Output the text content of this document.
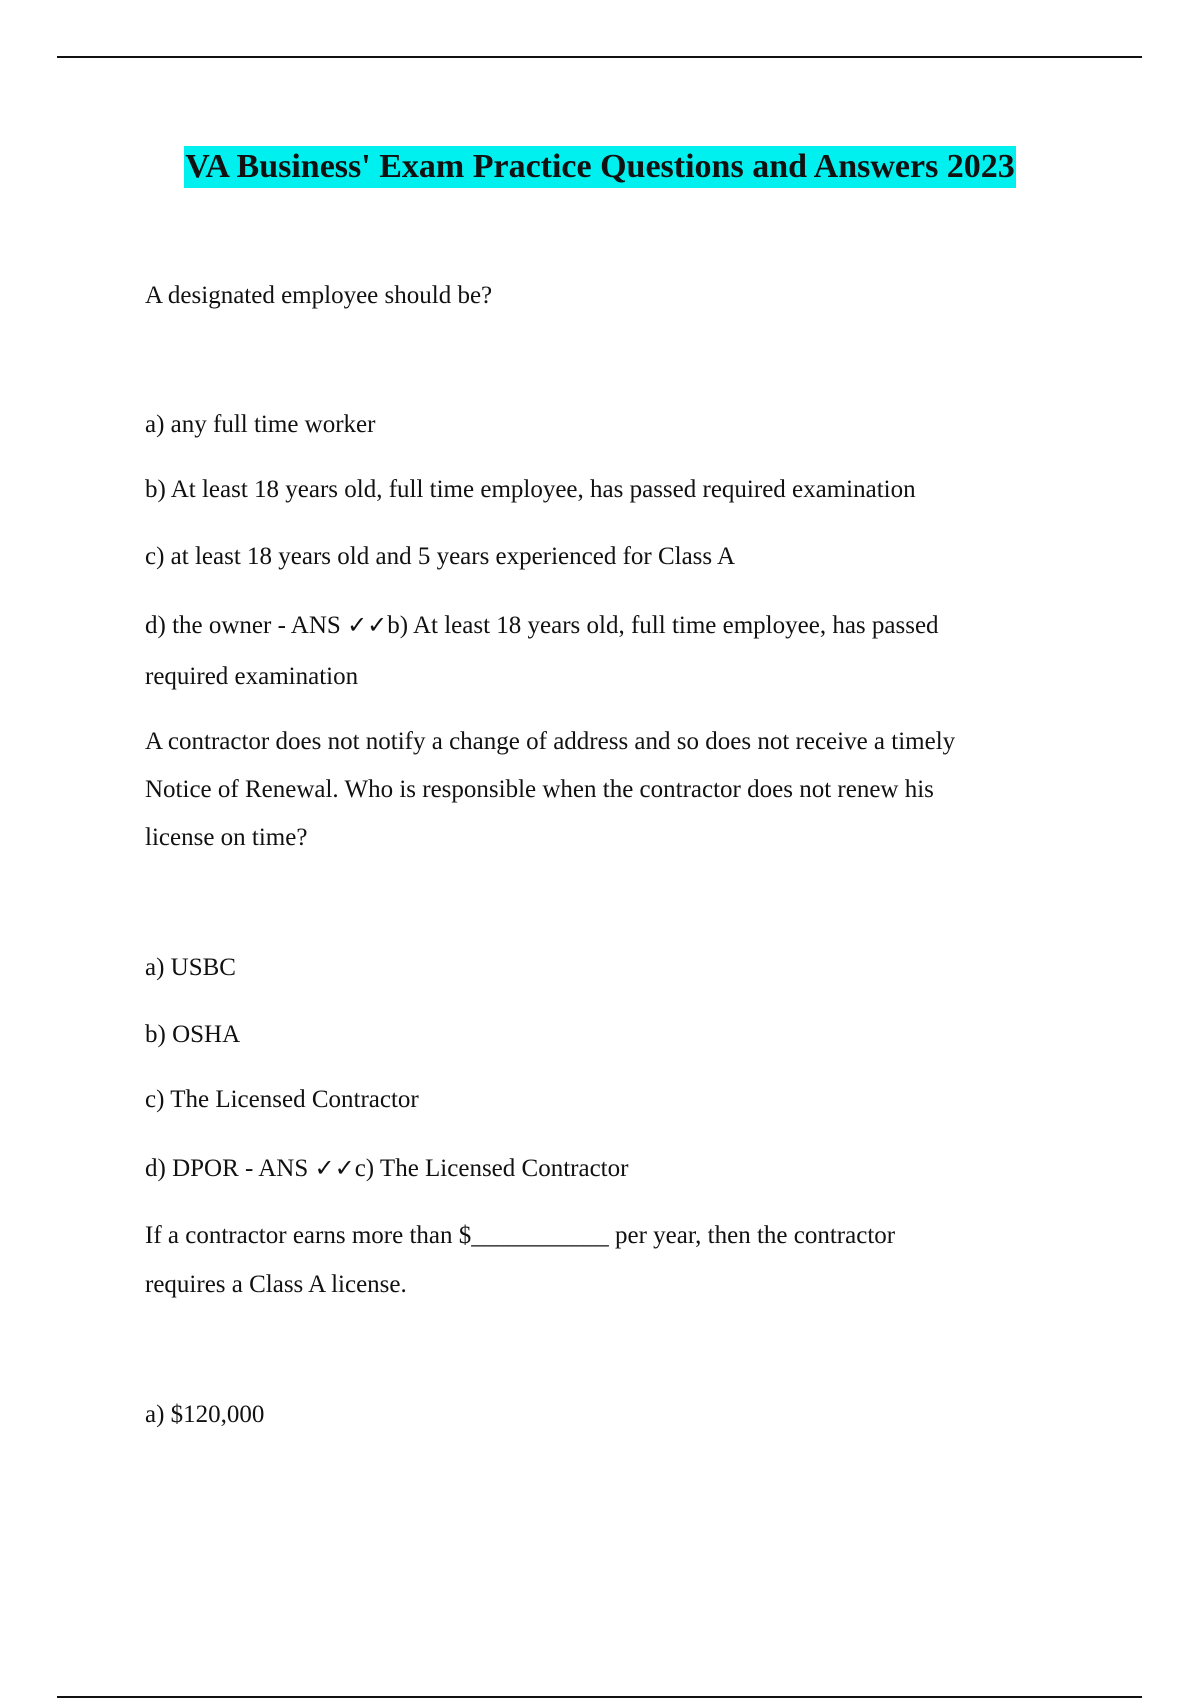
VA Business' Exam Practice Questions and Answers 2023
A designated employee should be?
a) any full time worker
b) At least 18 years old, full time employee, has passed required examination
c) at least 18 years old and 5 years experienced for Class A
d) the owner - ANS ✓✓b) At least 18 years old, full time employee, has passed
required examination
A contractor does not notify a change of address and so does not receive a timely
Notice of Renewal. Who is responsible when the contractor does not renew his
license on time?
a) USBC
b) OSHA
c) The Licensed Contractor
d) DPOR - ANS ✓✓c) The Licensed Contractor
If a contractor earns more than $___________ per year, then the contractor
requires a Class A license.
a) $120,000
